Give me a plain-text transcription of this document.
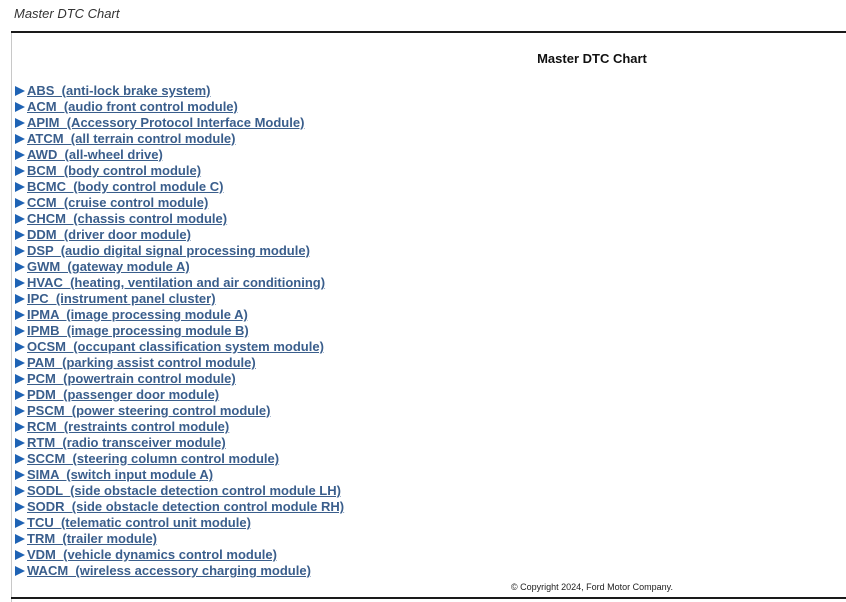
Master DTC Chart
Master DTC Chart
ABS  (anti-lock brake system)
ACM  (audio front control module)
APIM  (Accessory Protocol Interface Module)
ATCM  (all terrain control module)
AWD  (all-wheel drive)
BCM  (body control module)
BCMC  (body control module C)
CCM  (cruise control module)
CHCM  (chassis control module)
DDM  (driver door module)
DSP  (audio digital signal processing module)
GWM  (gateway module A)
HVAC  (heating, ventilation and air conditioning)
IPC  (instrument panel cluster)
IPMA  (image processing module A)
IPMB  (image processing module B)
OCSM  (occupant classification system module)
PAM  (parking assist control module)
PCM  (powertrain control module)
PDM  (passenger door module)
PSCM  (power steering control module)
RCM  (restraints control module)
RTM  (radio transceiver module)
SCCM  (steering column control module)
SIMA  (switch input module A)
SODL  (side obstacle detection control module LH)
SODR  (side obstacle detection control module RH)
TCU  (telematic control unit module)
TRM  (trailer module)
VDM  (vehicle dynamics control module)
WACM  (wireless accessory charging module)
© Copyright 2024, Ford Motor Company.
